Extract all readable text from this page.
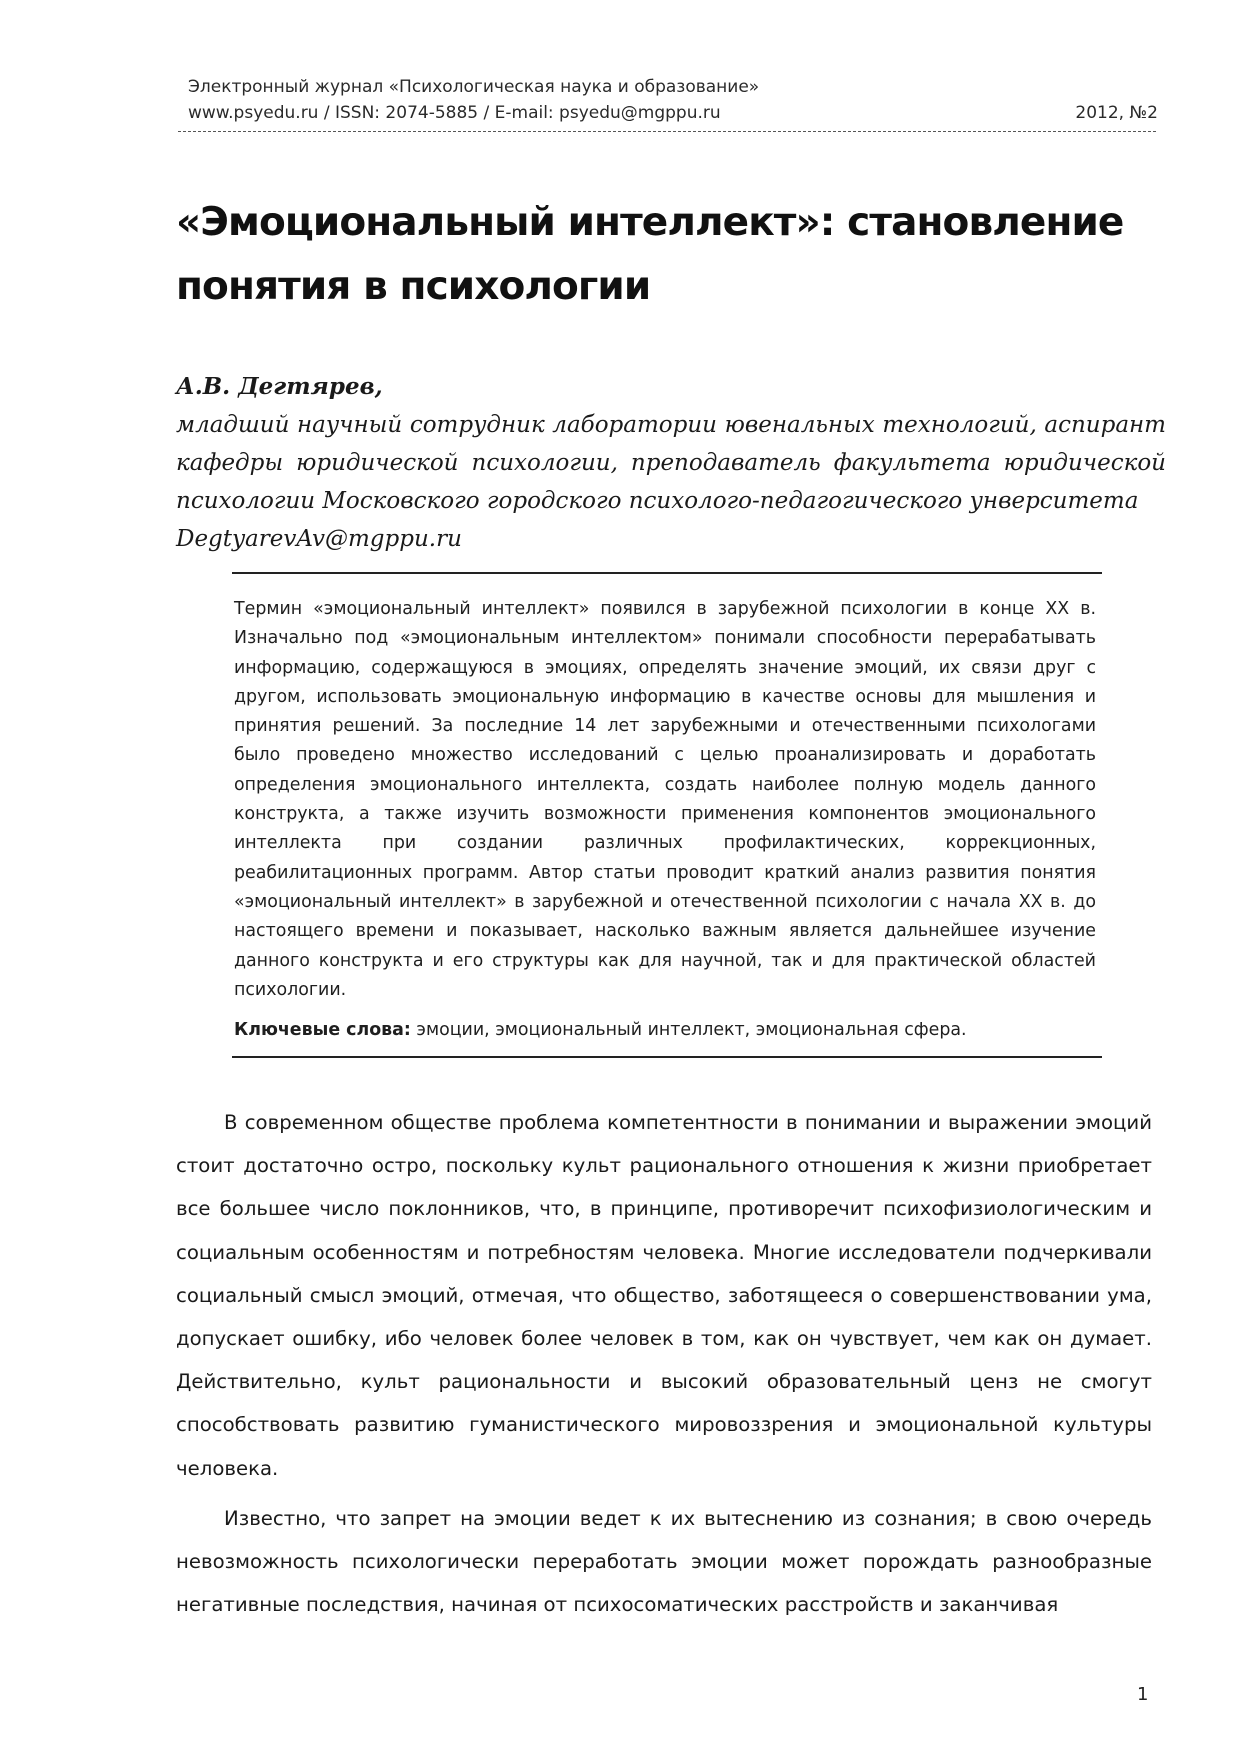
Электронный журнал «Психологическая наука и образование»
www.psyedu.ru / ISSN: 2074-5885 / E-mail: psyedu@mgppu.ru	2012, №2
«Эмоциональный интеллект»: становление
понятия в психологии
А.В. Дегтярев,
младший научный сотрудник лаборатории ювенальных технологий, аспирант кафедры юридической психологии, преподаватель факультета юридической психологии Московского городского психолого-педагогического унверситета
DegtyarevAv@mgppu.ru

Термин «эмоциональный интеллект» появился в зарубежной психологии в конце XX в. Изначально под «эмоциональным интеллектом» понимали способности перерабатывать информацию, содержащуюся в эмоциях, определять значение эмоций, их связи друг с другом, использовать эмоциональную информацию в качестве основы для мышления и принятия решений. За последние 14 лет зарубежными и отечественными психологами было проведено множество исследований с целью проанализировать и доработать определения эмоционального интеллекта, создать наиболее полную модель данного конструкта, а также изучить возможности применения компонентов эмоционального интеллекта при создании различных профилактических, коррекционных, реабилитационных программ. Автор статьи проводит краткий анализ развития понятия «эмоциональный интеллект» в зарубежной и отечественной психологии с начала XX в. до настоящего времени и показывает, насколько важным является дальнейшее изучение данного конструкта и его структуры как для научной, так и для практической областей психологии.

Ключевые слова: эмоции, эмоциональный интеллект, эмоциональная сфера.

В современном обществе проблема компетентности в понимании и выражении эмоций стоит достаточно остро, поскольку культ рационального отношения к жизни приобретает все большее число поклонников, что, в принципе, противоречит психофизиологическим и социальным особенностям и потребностям человека. Многие исследователи подчеркивали социальный смысл эмоций, отмечая, что общество, заботящееся о совершенствовании ума, допускает ошибку, ибо человек более человек в том, как он чувствует, чем как он думает. Действительно, культ рациональности и высокий образовательный ценз не смогут способствовать развитию гуманистического мировоззрения и эмоциональной культуры человека.

Известно, что запрет на эмоции ведет к их вытеснению из сознания; в свою очередь невозможность психологически переработать эмоции может порождать разнообразные негативные последствия, начиная от психосоматических расстройств и заканчивая

1
